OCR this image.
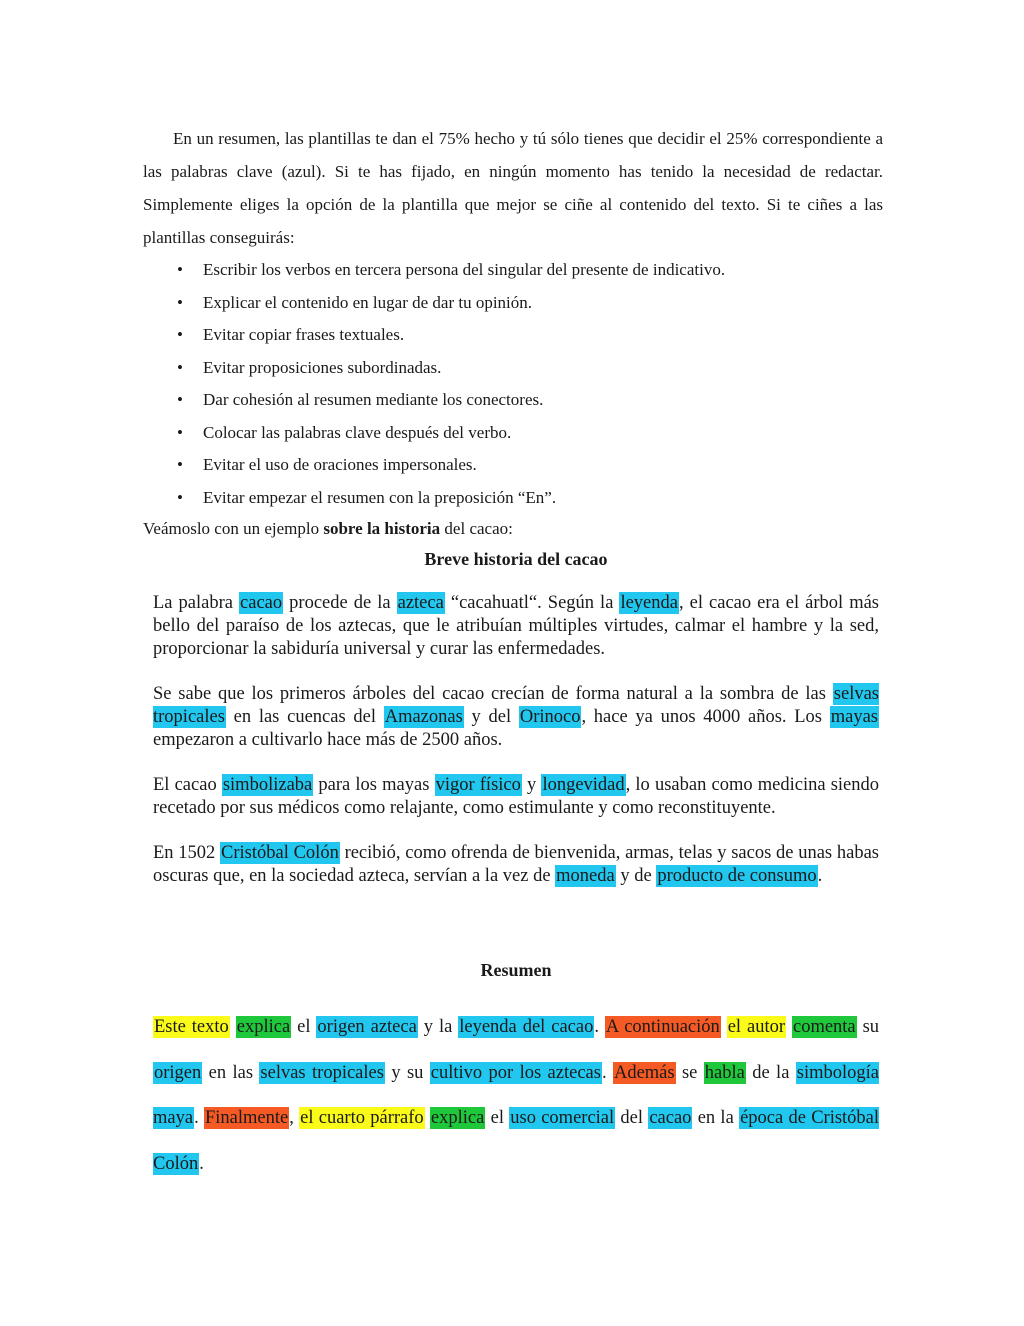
En un resumen, las plantillas te dan el 75% hecho y tú sólo tienes que decidir el 25% correspondiente a las palabras clave (azul). Si te has fijado, en ningún momento has tenido la necesidad de redactar. Simplemente eliges la opción de la plantilla que mejor se ciñe al contenido del texto. Si te ciñes a las plantillas conseguirás:

• Escribir los verbos en tercera persona del singular del presente de indicativo.
• Explicar el contenido en lugar de dar tu opinión.
• Evitar copiar frases textuales.
• Evitar proposiciones subordinadas.
• Dar cohesión al resumen mediante los conectores.
• Colocar las palabras clave después del verbo.
• Evitar el uso de oraciones impersonales.
• Evitar empezar el resumen con la preposición “En”.

Veámoslo con un ejemplo sobre la historia del cacao:

Breve historia del cacao

La palabra cacao procede de la azteca “cacahuatl“. Según la leyenda, el cacao era el árbol más bello del paraíso de los aztecas, que le atribuían múltiples virtudes, calmar el hambre y la sed, proporcionar la sabiduría universal y curar las enfermedades.

Se sabe que los primeros árboles del cacao crecían de forma natural a la sombra de las selvas tropicales en las cuencas del Amazonas y del Orinoco, hace ya unos 4000 años. Los mayas empezaron a cultivarlo hace más de 2500 años.

El cacao simbolizaba para los mayas vigor físico y longevidad, lo usaban como medicina siendo recetado por sus médicos como relajante, como estimulante y como reconstituyente.

En 1502 Cristóbal Colón recibió, como ofrenda de bienvenida, armas, telas y sacos de unas habas oscuras que, en la sociedad azteca, servían a la vez de moneda y de producto de consumo.

Resumen
Este texto explica el origen azteca y la leyenda del cacao. A continuación el autor comenta su origen en las selvas tropicales y su cultivo por los aztecas. Además se habla de la simbología maya. Finalmente, el cuarto párrafo explica el uso comercial del cacao en la época de Cristóbal Colón.
